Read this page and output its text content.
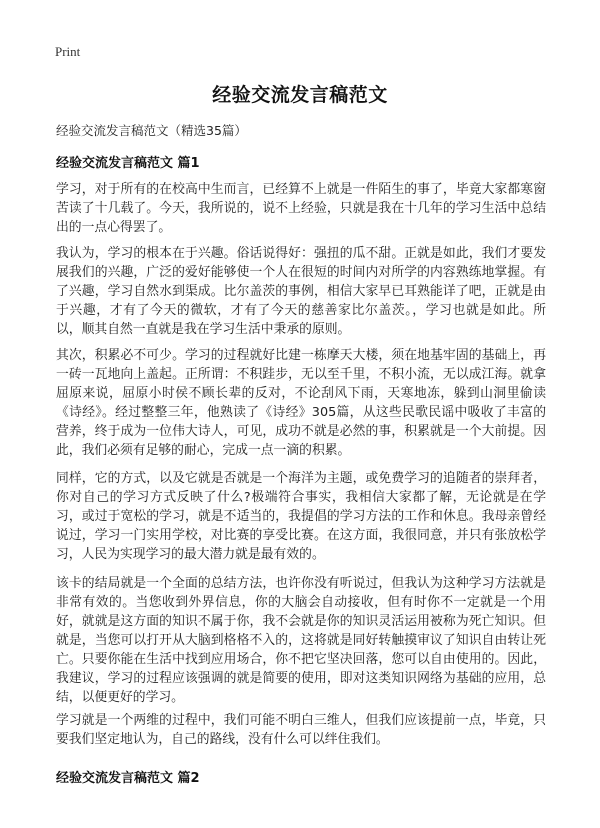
Print
经验交流发言稿范文
经验交流发言稿范文（精选35篇）
经验交流发言稿范文 篇1

学习，对于所有的在校高中生而言，已经算不上就是一件陌生的事了，毕竟大家都寒窗苦读了十几载了。今天，我所说的，说不上经验，只就是我在十几年的学习生活中总结出的一点心得罢了。

我认为，学习的根本在于兴趣。俗话说得好：强扭的瓜不甜。正就是如此，我们才要发展我们的兴趣，广泛的爱好能够使一个人在很短的时间内对所学的内容熟练地掌握。有了兴趣，学习自然水到渠成。比尔盖茨的事例，相信大家早已耳熟能详了吧，正就是由于兴趣，才有了今天的微软，才有了今天的慈善家比尔盖茨。，学习也就是如此。所以，顺其自然一直就是我在学习生活中秉承的原则。

其次，积累必不可少。学习的过程就好比建一栋摩天大楼，须在地基牢固的基础上，再一砖一瓦地向上盖起。正所谓：不积跬步，无以至千里，不积小流，无以成江海。就拿屈原来说，屈原小时侯不顾长辈的反对，不论刮风下雨，天寒地冻，躲到山洞里偷读《诗经》。经过整整三年，他熟读了《诗经》305篇，从这些民歌民谣中吸收了丰富的营养，终于成为一位伟大诗人，可见，成功不就是必然的事，积累就是一个大前提。因此，我们必须有足够的耐心，完成一点一滴的积累。

同样，它的方式，以及它就是否就是一个海洋为主题，或免费学习的追随者的崇拜者，你对自己的学习方式反映了什么?极端符合事实，我相信大家都了解，无论就是在学习，或过于宽松的学习，就是不适当的，我提倡的学习方法的工作和休息。我母亲曾经说过，学习一门实用学校，对比赛的享受比赛。在这方面，我很同意，并只有张放松学习，人民为实现学习的最大潜力就是最有效的。

该卡的结局就是一个全面的总结方法，也许你没有听说过，但我认为这种学习方法就是非常有效的。当您收到外界信息，你的大脑会自动接收，但有时你不一定就是一个用好，就就是这方面的知识不属于你，我不会就是你的知识灵活运用被称为死亡知识。但就是，当您可以打开从大脑到格格不入的，这将就是同好转触摸审议了知识自由转让死亡。只要你能在生活中找到应用场合，你不把它坚决回落，您可以自由使用的。因此，我建议，学习的过程应该强调的就是简要的使用，即对这类知识网络为基础的应用，总结，以便更好的学习。

学习就是一个两维的过程中，我们可能不明白三维人，但我们应该提前一点，毕竟，只要我们坚定地认为，自己的路线，没有什么可以绊住我们。

经验交流发言稿范文 篇2
